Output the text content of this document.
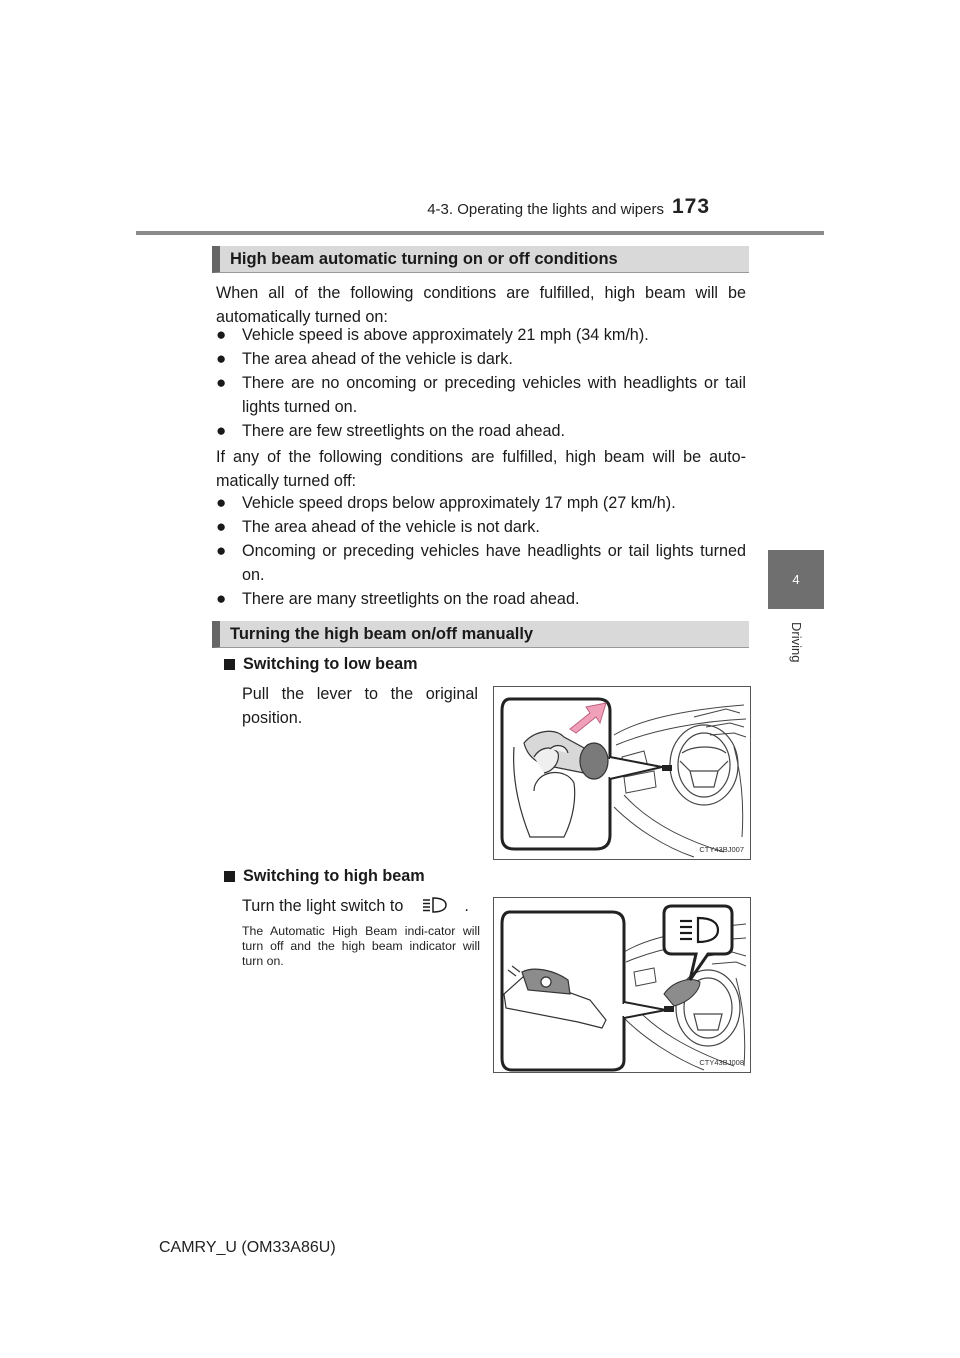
4-3. Operating the lights and wipers 173
4
Driving
High beam automatic turning on or off conditions
When all of the following conditions are fulfilled, high beam will be automatically turned on:
● Vehicle speed is above approximately 21 mph (34 km/h).
● The area ahead of the vehicle is dark.
● There are no oncoming or preceding vehicles with headlights or tail lights turned on.
● There are few streetlights on the road ahead.
If any of the following conditions are fulfilled, high beam will be auto-matically turned off:
● Vehicle speed drops below approximately 17 mph (27 km/h).
● The area ahead of the vehicle is not dark.
● Oncoming or preceding vehicles have headlights or tail lights turned on.
● There are many streetlights on the road ahead.
Turning the high beam on/off manually
Switching to low beam
Pull the lever to the original position.
CTY43BJ007
Switching to high beam
Turn the light switch to	.
The Automatic High Beam indi-cator will turn off and the high beam indicator will turn on.
CTY43BJ008
CAMRY_U (OM33A86U)
